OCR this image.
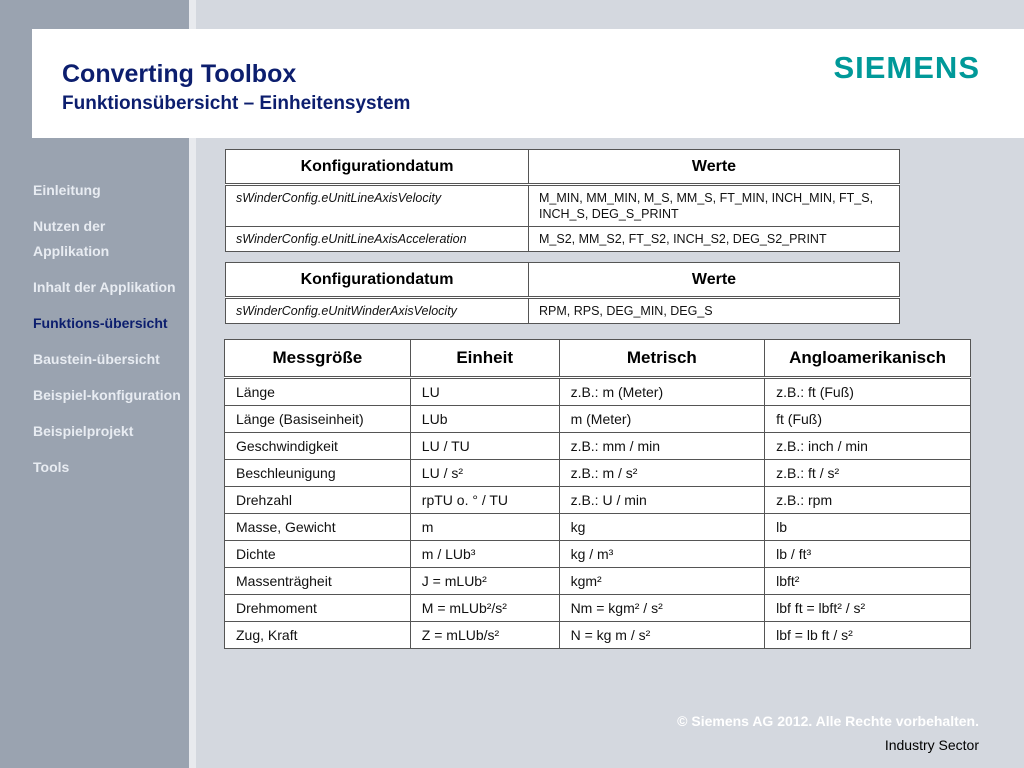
Einleitung
Nutzen der Applikation
Inhalt der Applikation
Funktions-übersicht
Baustein-übersicht
Beispiel-konfiguration
Beispielprojekt
Tools
Converting Toolbox
Funktionsübersicht – Einheitensystem
SIEMENS
Konfigurationdatum	Werte
sWinderConfig.eUnitLineAxisVelocity	M_MIN, MM_MIN, M_S, MM_S, FT_MIN, INCH_MIN, FT_S, INCH_S, DEG_S_PRINT
sWinderConfig.eUnitLineAxisAcceleration	M_S2, MM_S2, FT_S2, INCH_S2, DEG_S2_PRINT
Konfigurationdatum	Werte
sWinderConfig.eUnitWinderAxisVelocity	RPM, RPS, DEG_MIN, DEG_S
Messgröße	Einheit	Metrisch	Angloamerikanisch
Länge	LU	z.B.: m (Meter)	z.B.: ft (Fuß)
Länge (Basiseinheit)	LUb	m (Meter)	ft (Fuß)
Geschwindigkeit	LU / TU	z.B.: mm / min	z.B.: inch / min
Beschleunigung	LU / s²	z.B.: m / s²	z.B.: ft / s²
Drehzahl	rpTU o. ° / TU	z.B.: U / min	z.B.: rpm
Masse, Gewicht	m	kg	lb
Dichte	m / LUb³	kg / m³	lb / ft³
Massenträgheit	J = mLUb²	kgm²	lbft²
Drehmoment	M = mLUb²/s²	Nm = kgm² / s²	lbf ft = lbft² / s²
Zug, Kraft	Z = mLUb/s²	N = kg m / s²	lbf = lb ft / s²
© Siemens AG 2012. Alle Rechte vorbehalten.
Industry Sector
